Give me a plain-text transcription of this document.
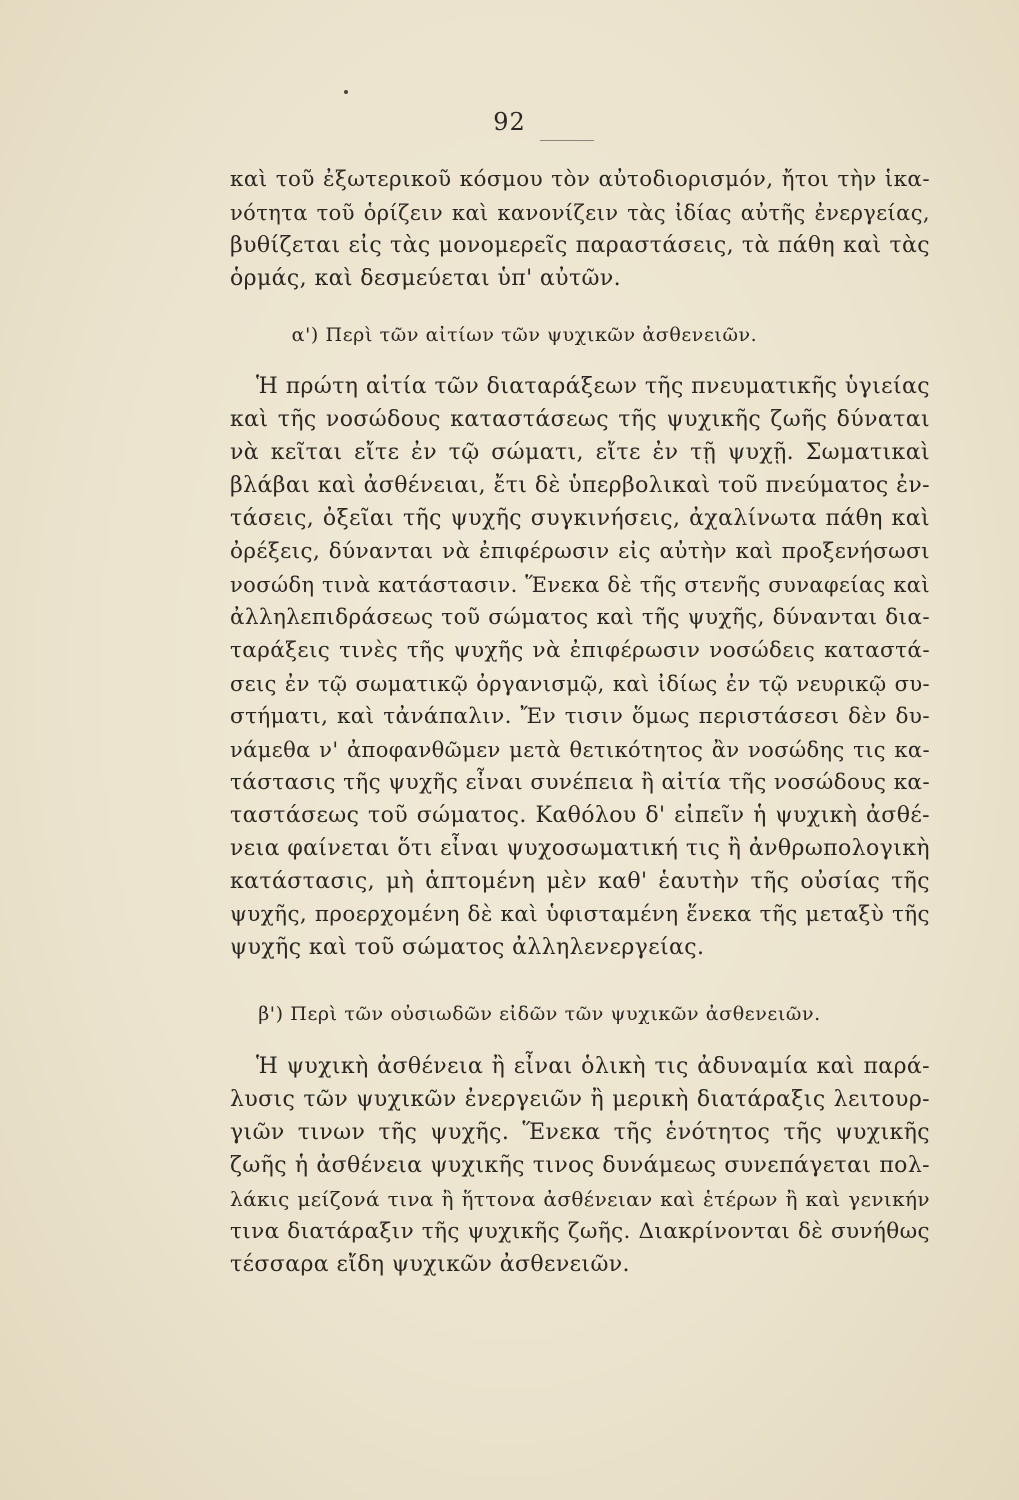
92
καὶ τοῦ ἐξωτερικοῦ κόσμου τὸν αὐτοδιορισμόν, ἤτοι τὴν ἱκα-
νότητα τοῦ ὁρίζειν καὶ κανονίζειν τὰς ἰδίας αὐτῆς ἐνεργείας,
βυθίζεται εἰς τὰς μονομερεῖς παραστάσεις, τὰ πάθη καὶ τὰς
ὁρμάς, καὶ δεσμεύεται ὑπ' αὐτῶν.
α') Περὶ τῶν αἰτίων τῶν ψυχικῶν ἀσθενειῶν.
Ἡ πρώτη αἰτία τῶν διαταράξεων τῆς πνευματικῆς ὑγιείας
καὶ τῆς νοσώδους καταστάσεως τῆς ψυχικῆς ζωῆς δύναται
νὰ κεῖται εἴτε ἐν τῷ σώματι, εἴτε ἐν τῇ ψυχῇ. Σωματικαὶ
βλάβαι καὶ ἀσθένειαι, ἔτι δὲ ὑπερβολικαὶ τοῦ πνεύματος ἐν-
τάσεις, ὀξεῖαι τῆς ψυχῆς συγκινήσεις, ἀχαλίνωτα πάθη καὶ
ὀρέξεις, δύνανται νὰ ἐπιφέρωσιν εἰς αὐτὴν καὶ προξενήσωσι
νοσώδη τινὰ κατάστασιν. Ἕνεκα δὲ τῆς στενῆς συναφείας καὶ
ἀλληλεπιδράσεως τοῦ σώματος καὶ τῆς ψυχῆς, δύνανται δια-
ταράξεις τινὲς τῆς ψυχῆς νὰ ἐπιφέρωσιν νοσώδεις καταστά-
σεις ἐν τῷ σωματικῷ ὀργανισμῷ, καὶ ἰδίως ἐν τῷ νευρικῷ συ-
στήματι, καὶ τἀνάπαλιν. Ἔν τισιν ὅμως περιστάσεσι δὲν δυ-
νάμεθα ν' ἀποφανθῶμεν μετὰ θετικότητος ἂν νοσώδης τις κα-
τάστασις τῆς ψυχῆς εἶναι συνέπεια ἢ αἰτία τῆς νοσώδους κα-
ταστάσεως τοῦ σώματος. Καθόλου δ' εἰπεῖν ἡ ψυχικὴ ἀσθέ-
νεια φαίνεται ὅτι εἶναι ψυχοσωματική τις ἢ ἀνθρωπολογικὴ
κατάστασις, μὴ ἁπτομένη μὲν καθ' ἑαυτὴν τῆς οὐσίας τῆς
ψυχῆς, προερχομένη δὲ καὶ ὑφισταμένη ἕνεκα τῆς μεταξὺ τῆς
ψυχῆς καὶ τοῦ σώματος ἀλληλενεργείας.
β') Περὶ τῶν οὐσιωδῶν εἰδῶν τῶν ψυχικῶν ἀσθενειῶν.
Ἡ ψυχικὴ ἀσθένεια ἢ εἶναι ὁλικὴ τις ἀδυναμία καὶ παρά-
λυσις τῶν ψυχικῶν ἐνεργειῶν ἢ μερικὴ διατάραξις λειτουρ-
γιῶν τινων τῆς ψυχῆς. Ἕνεκα τῆς ἑνότητος τῆς ψυχικῆς
ζωῆς ἡ ἀσθένεια ψυχικῆς τινος δυνάμεως συνεπάγεται πολ-
λάκις μείζονά τινα ἢ ἥττονα ἀσθένειαν καὶ ἑτέρων ἢ καὶ γενικήν
τινα διατάραξιν τῆς ψυχικῆς ζωῆς. Διακρίνονται δὲ συνήθως
τέσσαρα εἴδη ψυχικῶν ἀσθενειῶν.
